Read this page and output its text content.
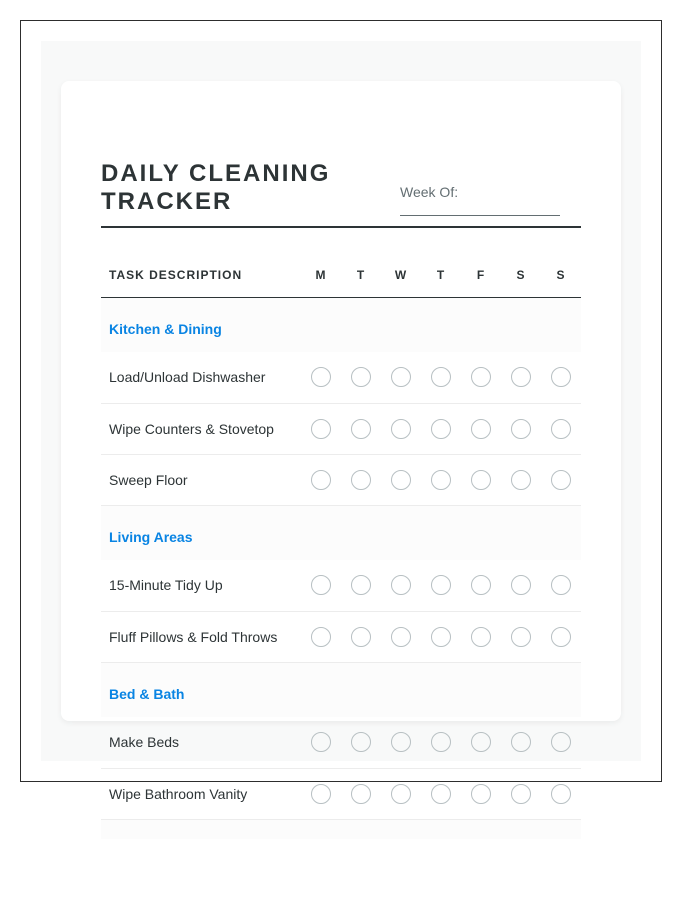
DAILY CLEANING TRACKER	Week Of:
TASK DESCRIPTION	M	T	W	T	F	S	S
Kitchen & Dining							
Load/Unload Dishwasher							
Wipe Counters & Stovetop							
Sweep Floor							
Living Areas							
15-Minute Tidy Up							
Fluff Pillows & Fold Throws							
Bed & Bath							
Make Beds							
Wipe Bathroom Vanity							
